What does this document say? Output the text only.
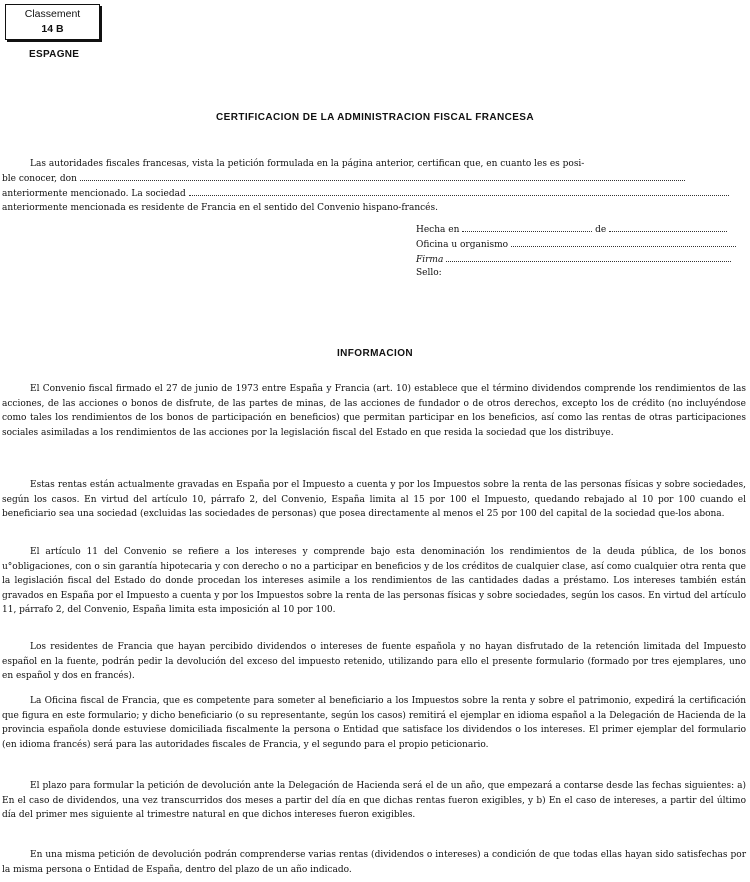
Classement
14 B
ESPAGNE
CERTIFICACION DE LA ADMINISTRACION FISCAL FRANCESA

Las autoridades fiscales francesas, vista la petición formulada en la página anterior, certifican que, en cuanto les es posi-

ble conocer, don
anteriormente mencionado. La sociedad
anteriormente mencionada es residente de Francia en el sentido del Convenio hispano-francés.
Hecha en	de
Oficina u organismo
Firma
Sello:
INFORMACION

El Convenio fiscal firmado el 27 de junio de 1973 entre España y Francia (art. 10) establece que el término dividendos comprende los rendimientos de las acciones, de las acciones o bonos de disfrute, de las partes de minas, de las acciones de fundador o de otros derechos, excepto los de crédito (no incluyéndose como tales los rendimientos de los bonos de participación en beneficios) que permitan participar en los beneficios, así como las rentas de otras participaciones sociales asimiladas a los rendimientos de las acciones por la legislación fiscal del Estado en que resida la sociedad que los distribuye.

Estas rentas están actualmente gravadas en España por el Impuesto a cuenta y por los Impuestos sobre la renta de las personas físicas y sobre sociedades, según los casos. En virtud del artículo 10, párrafo 2, del Convenio, España limita al 15 por 100 el Impuesto, quedando rebajado al 10 por 100 cuando el beneficiario sea una sociedad (excluidas las sociedades de personas) que posea directamente al menos el 25 por 100 del capital de la sociedad que-los abona.

El artículo 11 del Convenio se refiere a los intereses y comprende bajo esta denominación los rendimientos de la deuda pública, de los bonos u°obligaciones, con o sin garantía hipotecaria y con derecho o no a participar en beneficios y de los créditos de cualquier clase, así como cualquier otra renta que la legislación fiscal del Estado do donde procedan los intereses asimile a los rendimientos de las cantidades dadas a préstamo. Los intereses también están gravados en España por el Impuesto a cuenta y por los Impuestos sobre la renta de las personas físicas y sobre sociedades, según los casos. En virtud del artículo 11, párrafo 2, del Convenio, España limita esta imposición al 10 por 100.

Los residentes de Francia que hayan percibido dividendos o intereses de fuente española y no hayan disfrutado de la retención limitada del Impuesto español en la fuente, podrán pedir la devolución del exceso del impuesto retenido, utilizando para ello el presente formulario (formado por tres ejemplares, uno en español y dos en francés).

La Oficina fiscal de Francia, que es competente para someter al beneficiario a los Impuestos sobre la renta y sobre el patrimonio, expedirá la certificación que figura en este formulario; y dicho beneficiario (o su representante, según los casos) remitirá el ejemplar en idioma español a la Delegación de Hacienda de la provincia española donde estuviese domiciliada fiscalmente la persona o Entidad que satisface los dividendos o los intereses. El primer ejemplar del formulario (en idioma francés) será para las autoridades fiscales de Francia, y el segundo para el propio peticionario.

El plazo para formular la petición de devolución ante la Delegación de Hacienda será el de un año, que empezará a contarse desde las fechas siguientes: a) En el caso de dividendos, una vez transcurridos dos meses a partir del día en que dichas rentas fueron exigibles, y b) En el caso de intereses, a partir del último día del primer mes siguiente al trimestre natural en que dichos intereses fueron exigibles.

En una misma petición de devolución podrán comprenderse varias rentas (dividendos o intereses) a condición de que todas ellas hayan sido satisfechas por la misma persona o Entidad de España, dentro del plazo de un año indicado.
